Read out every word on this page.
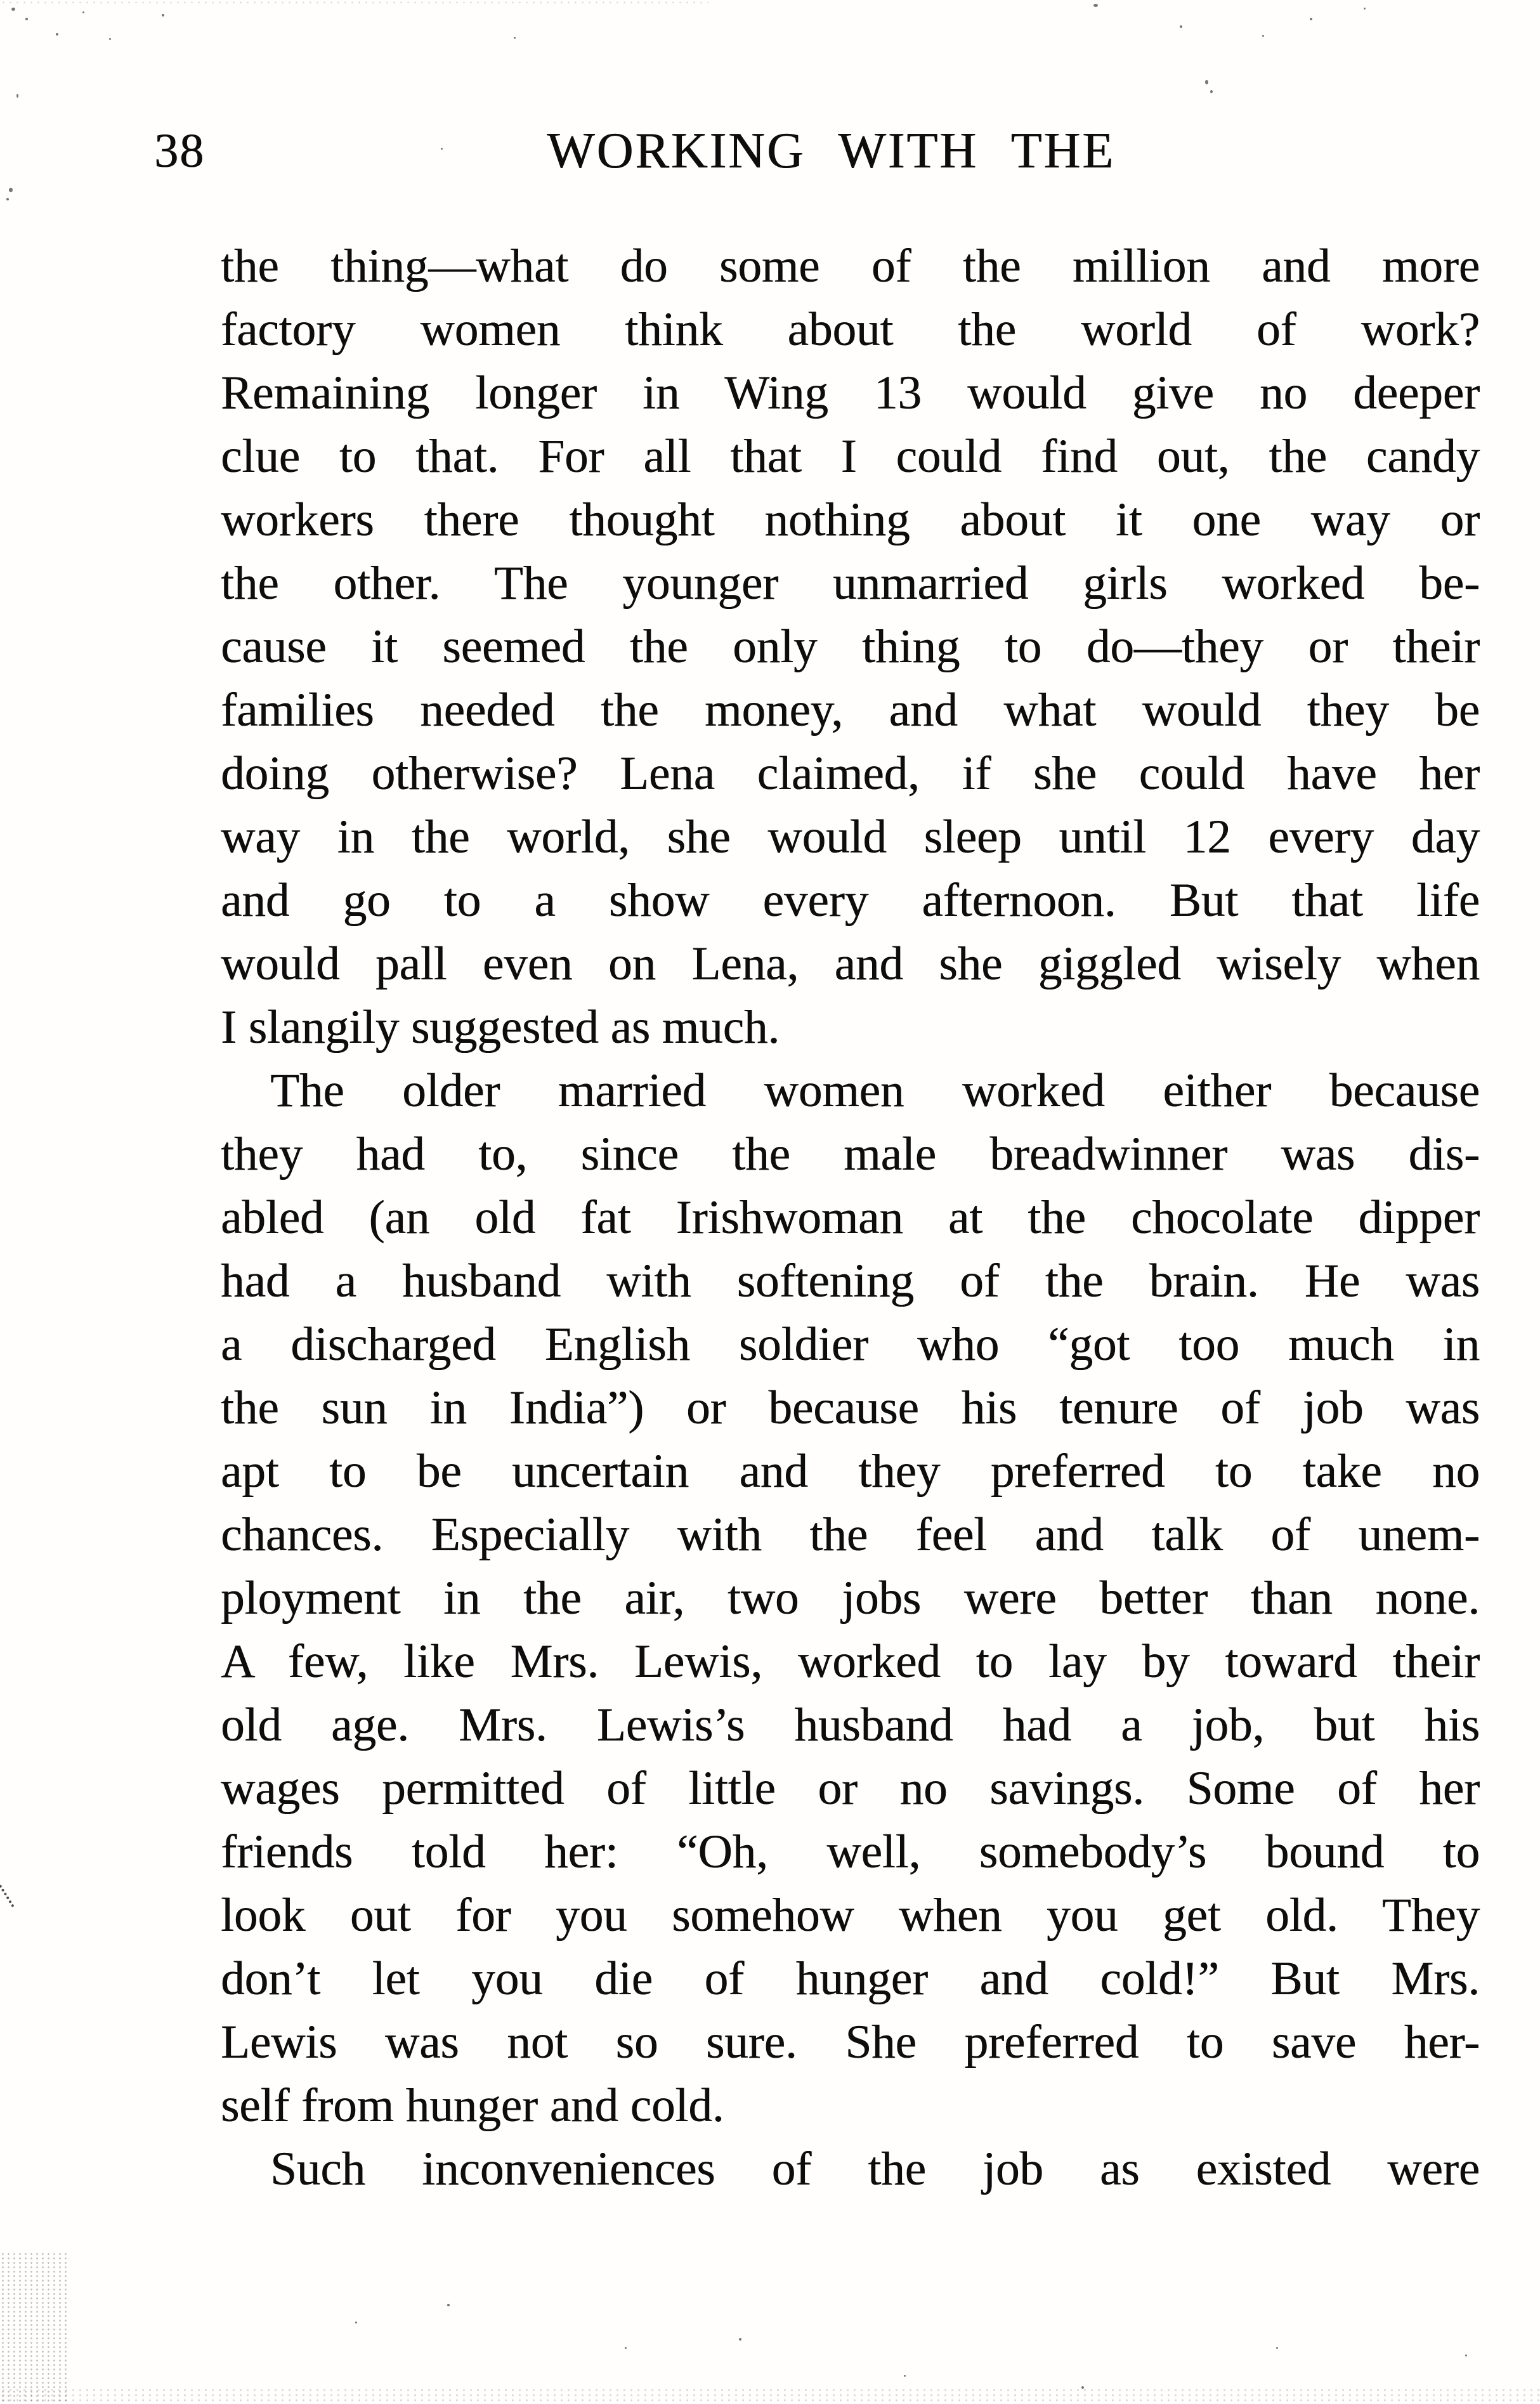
38	WORKING WITH THE
the thing—what do some of the million and more
factory women think about the world of work?
Remaining longer in Wing 13 would give no deeper
clue to that. For all that I could find out, the candy
workers there thought nothing about it one way or
the other. The younger unmarried girls worked be-
cause it seemed the only thing to do—they or their
families needed the money, and what would they be
doing otherwise? Lena claimed, if she could have her
way in the world, she would sleep until 12 every day
and go to a show every afternoon. But that life
would pall even on Lena, and she giggled wisely when
I slangily suggested as much.
The older married women worked either because
they had to, since the male breadwinner was dis-
abled (an old fat Irishwoman at the chocolate dipper
had a husband with softening of the brain. He was
a discharged English soldier who “got too much in
the sun in India”) or because his tenure of job was
apt to be uncertain and they preferred to take no
chances. Especially with the feel and talk of unem-
ployment in the air, two jobs were better than none.
A few, like Mrs. Lewis, worked to lay by toward their
old age. Mrs. Lewis’s husband had a job, but his
wages permitted of little or no savings. Some of her
friends told her: “Oh, well, somebody’s bound to
look out for you somehow when you get old. They
don’t let you die of hunger and cold!” But Mrs.
Lewis was not so sure. She preferred to save her-
self from hunger and cold.
Such inconveniences of the job as existed were
